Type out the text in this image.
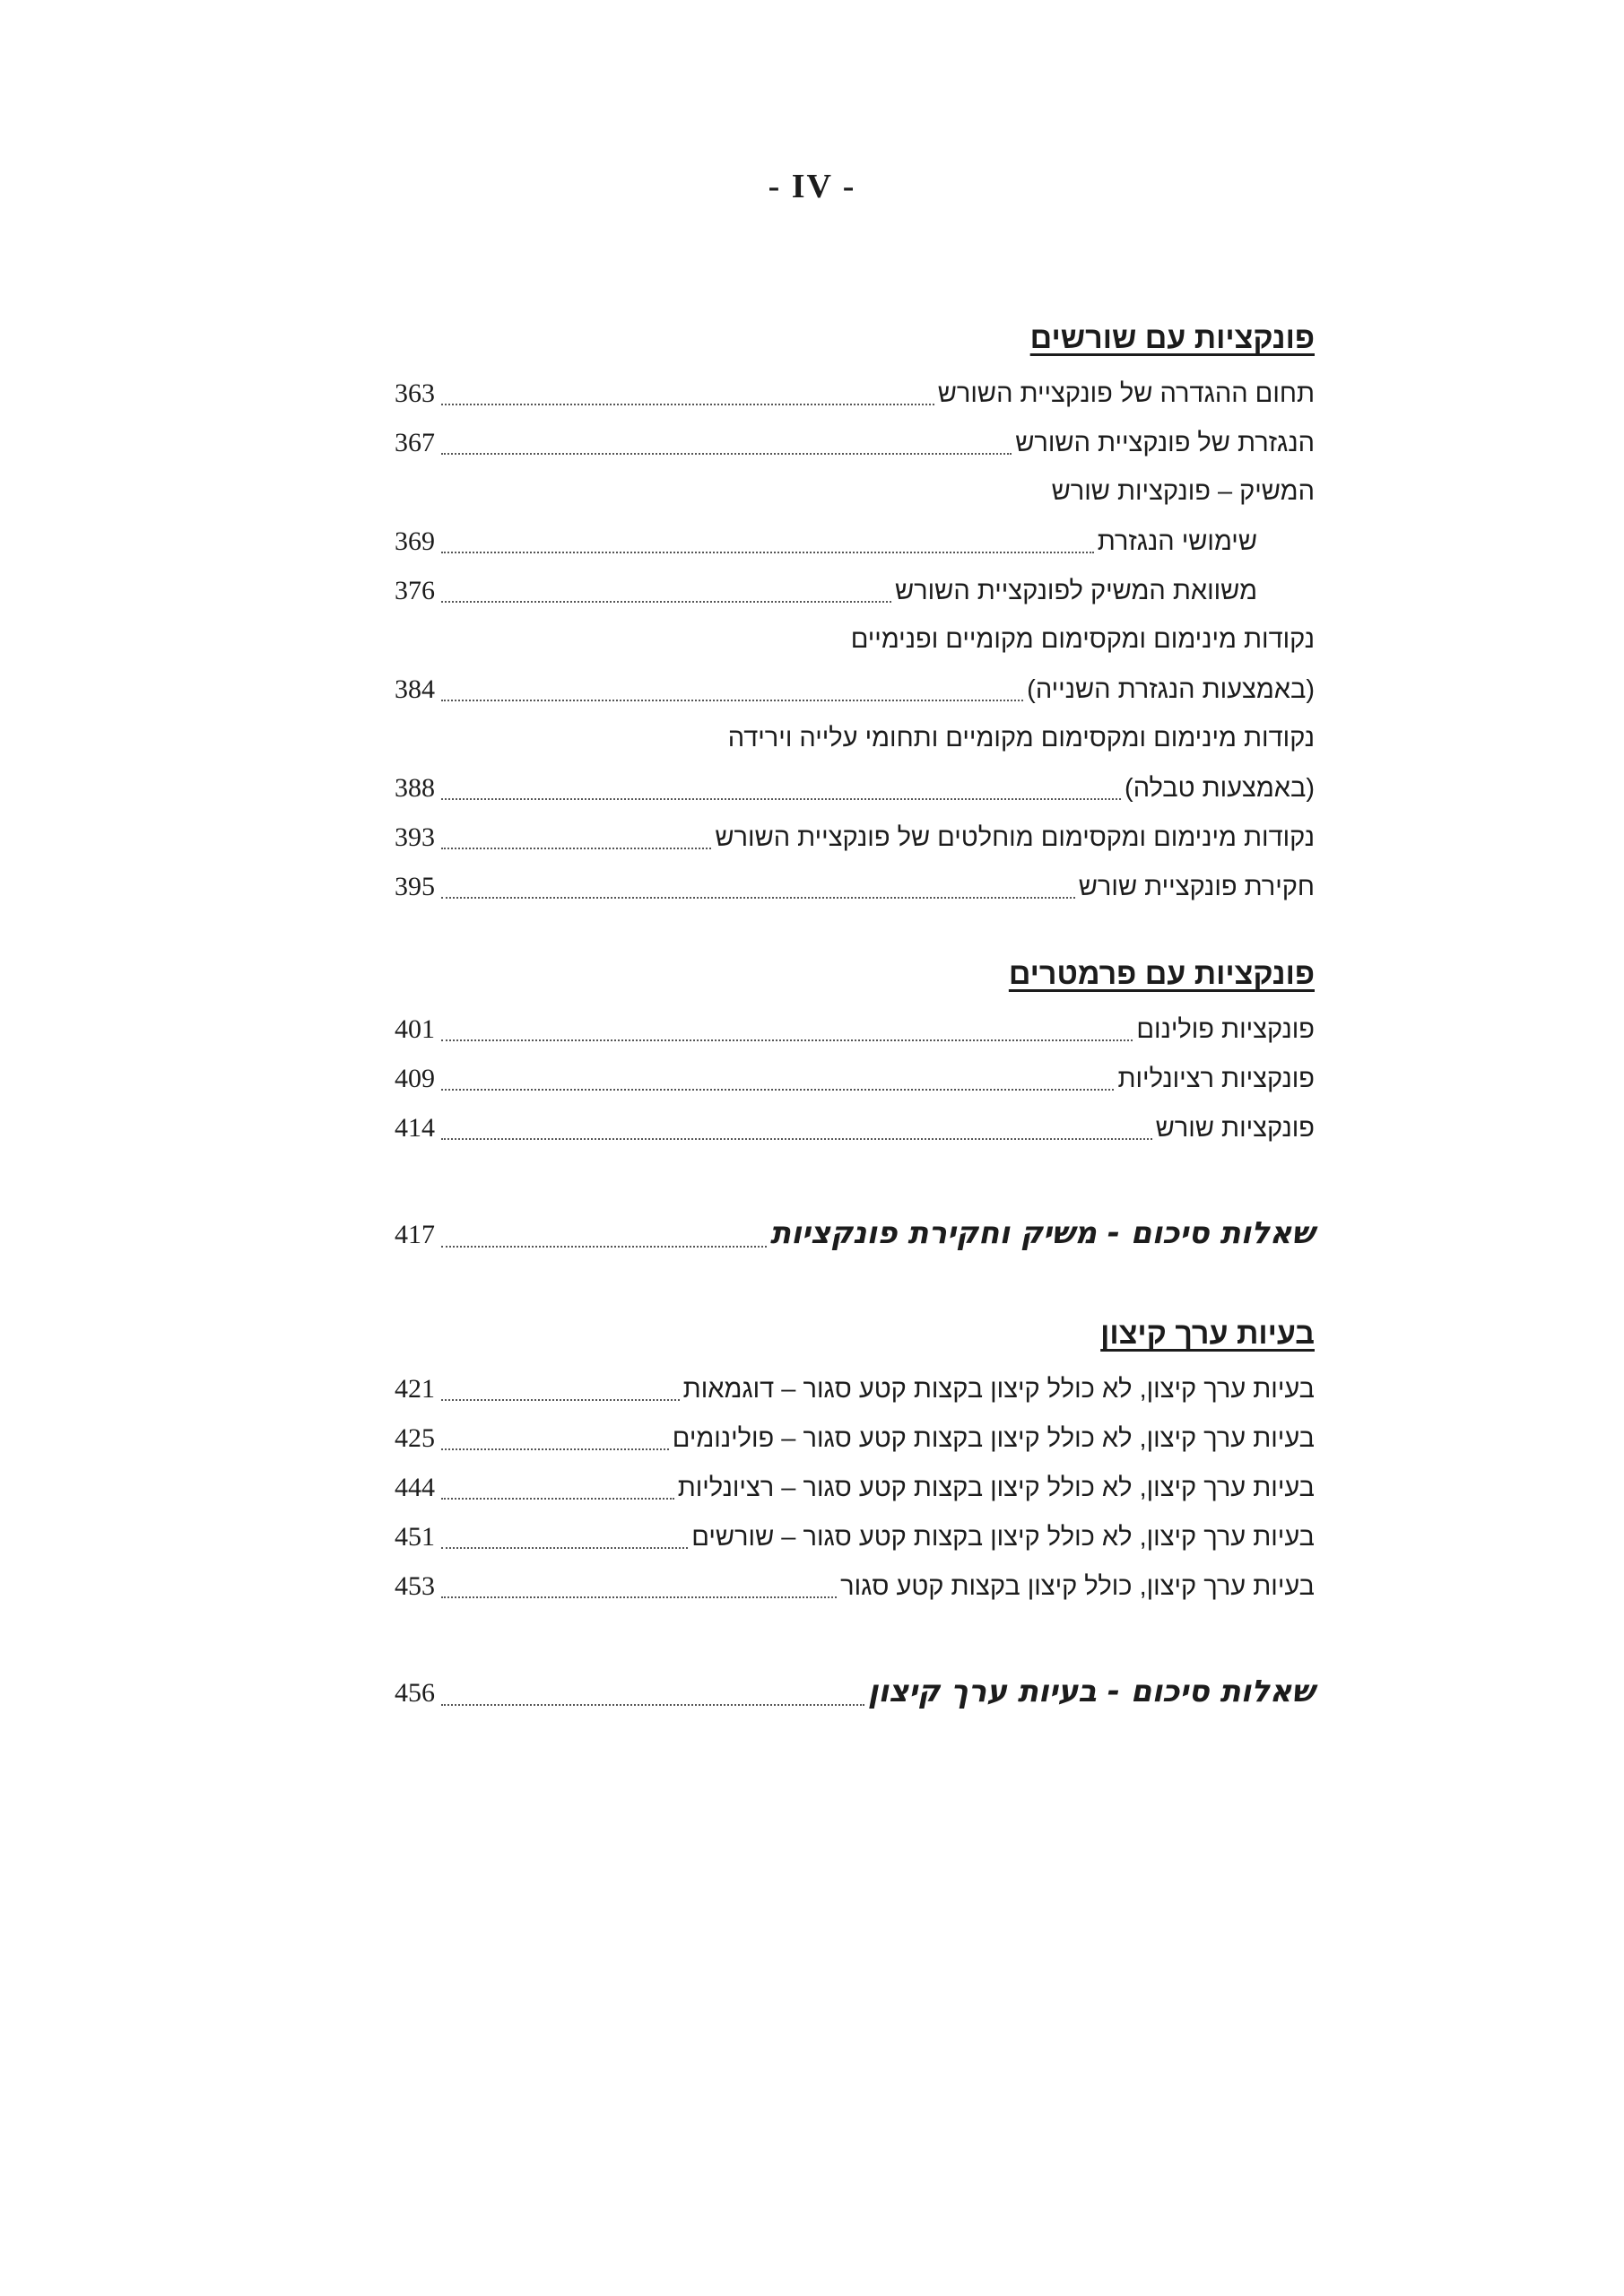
- IV -
פונקציות עם שורשים
363	תחום ההגדרה של פונקציית השורש
367	הנגזרת של פונקציית השורש
המשיק – פונקציות שורש
369	שימושי הנגזרת
376	משוואת המשיק לפונקציית השורש
נקודות מינימום ומקסימום מקומיים ופנימיים
384	(באמצעות הנגזרת השנייה)
נקודות מינימום ומקסימום מקומיים ותחומי עלייה וירידה
388	(באמצעות טבלה)
393	נקודות מינימום ומקסימום מוחלטים של פונקציית השורש
395	חקירת פונקציית שורש
פונקציות עם פרמטרים
401	פונקציות פולינום
409	פונקציות רציונליות
414	פונקציות שורש
417	שאלות סיכום - משיק וחקירת פונקציות
בעיות ערך קיצון
421	בעיות ערך קיצון, לא כולל קיצון בקצות קטע סגור – דוגמאות
425	בעיות ערך קיצון, לא כולל קיצון בקצות קטע סגור – פולינומים
444	בעיות ערך קיצון, לא כולל קיצון בקצות קטע סגור – רציונליות
451	בעיות ערך קיצון, לא כולל קיצון בקצות קטע סגור – שורשים
453	בעיות ערך קיצון, כולל קיצון בקצות קטע סגור
456	שאלות סיכום - בעיות ערך קיצון
